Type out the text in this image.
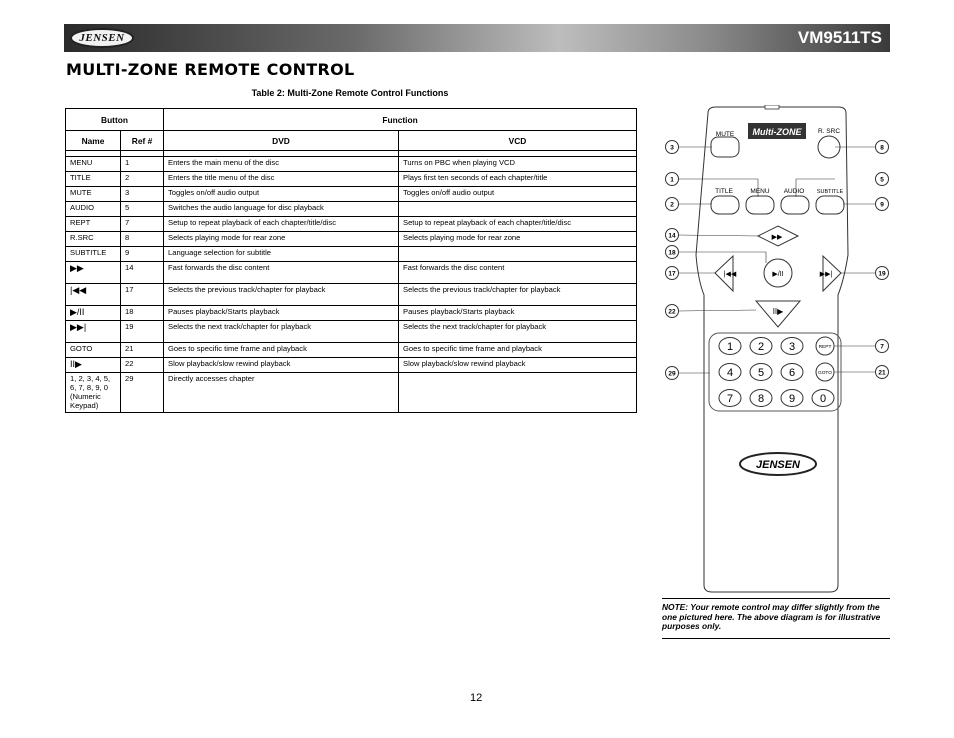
JENSEN	VM9511TS
MULTI-ZONE REMOTE CONTROL
Table 2: Multi-Zone Remote Control Functions
Button		Function	
Name	Ref #	DVD	VCD

MENU	1	Enters the main menu of the disc	Turns on PBC when playing VCD
TITLE	2	Enters the title menu of the disc	Plays first ten seconds of each chapter/title
MUTE	3	Toggles on/off audio output	Toggles on/off audio output
AUDIO	5	Switches the audio language for disc playback	
REPT	7	Setup to repeat playback of each chapter/title/disc	Setup to repeat playback of each chapter/title/disc
R.SRC	8	Selects playing mode for rear zone	Selects playing mode for rear zone
SUBTITLE	9	Language selection for subtitle	
▶▶	14	Fast forwards the disc content	Fast forwards the disc content
|◀◀	17	Selects the previous track/chapter for playback	Selects the previous track/chapter for playback
▶/II	18	Pauses playback/Starts playback	Pauses playback/Starts playback
▶▶|	19	Selects the next track/chapter for playback	Selects the next track/chapter for playback
GOTO	21	Goes to specific time frame and playback	Goes to specific time frame and playback
II▶	22	Slow playback/slow rewind playback	Slow playback/slow rewind playback
1, 2, 3, 4, 5, 6, 7, 8, 9, 0 (Numeric Keypad)	29	Directly accesses chapter	
MUTE Multi-ZONE	R. SRC
TITLE	MENU AUDIO SUBTITLE
▶▶
|◀◀	▶/II	▶▶|
II▶
1 2 3
4 5 6
7 8 9 0
REPT
GOTO
JENSEN
3	8
1	5
2	9
14
18
17	19
22
7
29	21
NOTE: Your remote control may differ slightly from the one pictured here. The above diagram is for illustrative purposes only.
12
